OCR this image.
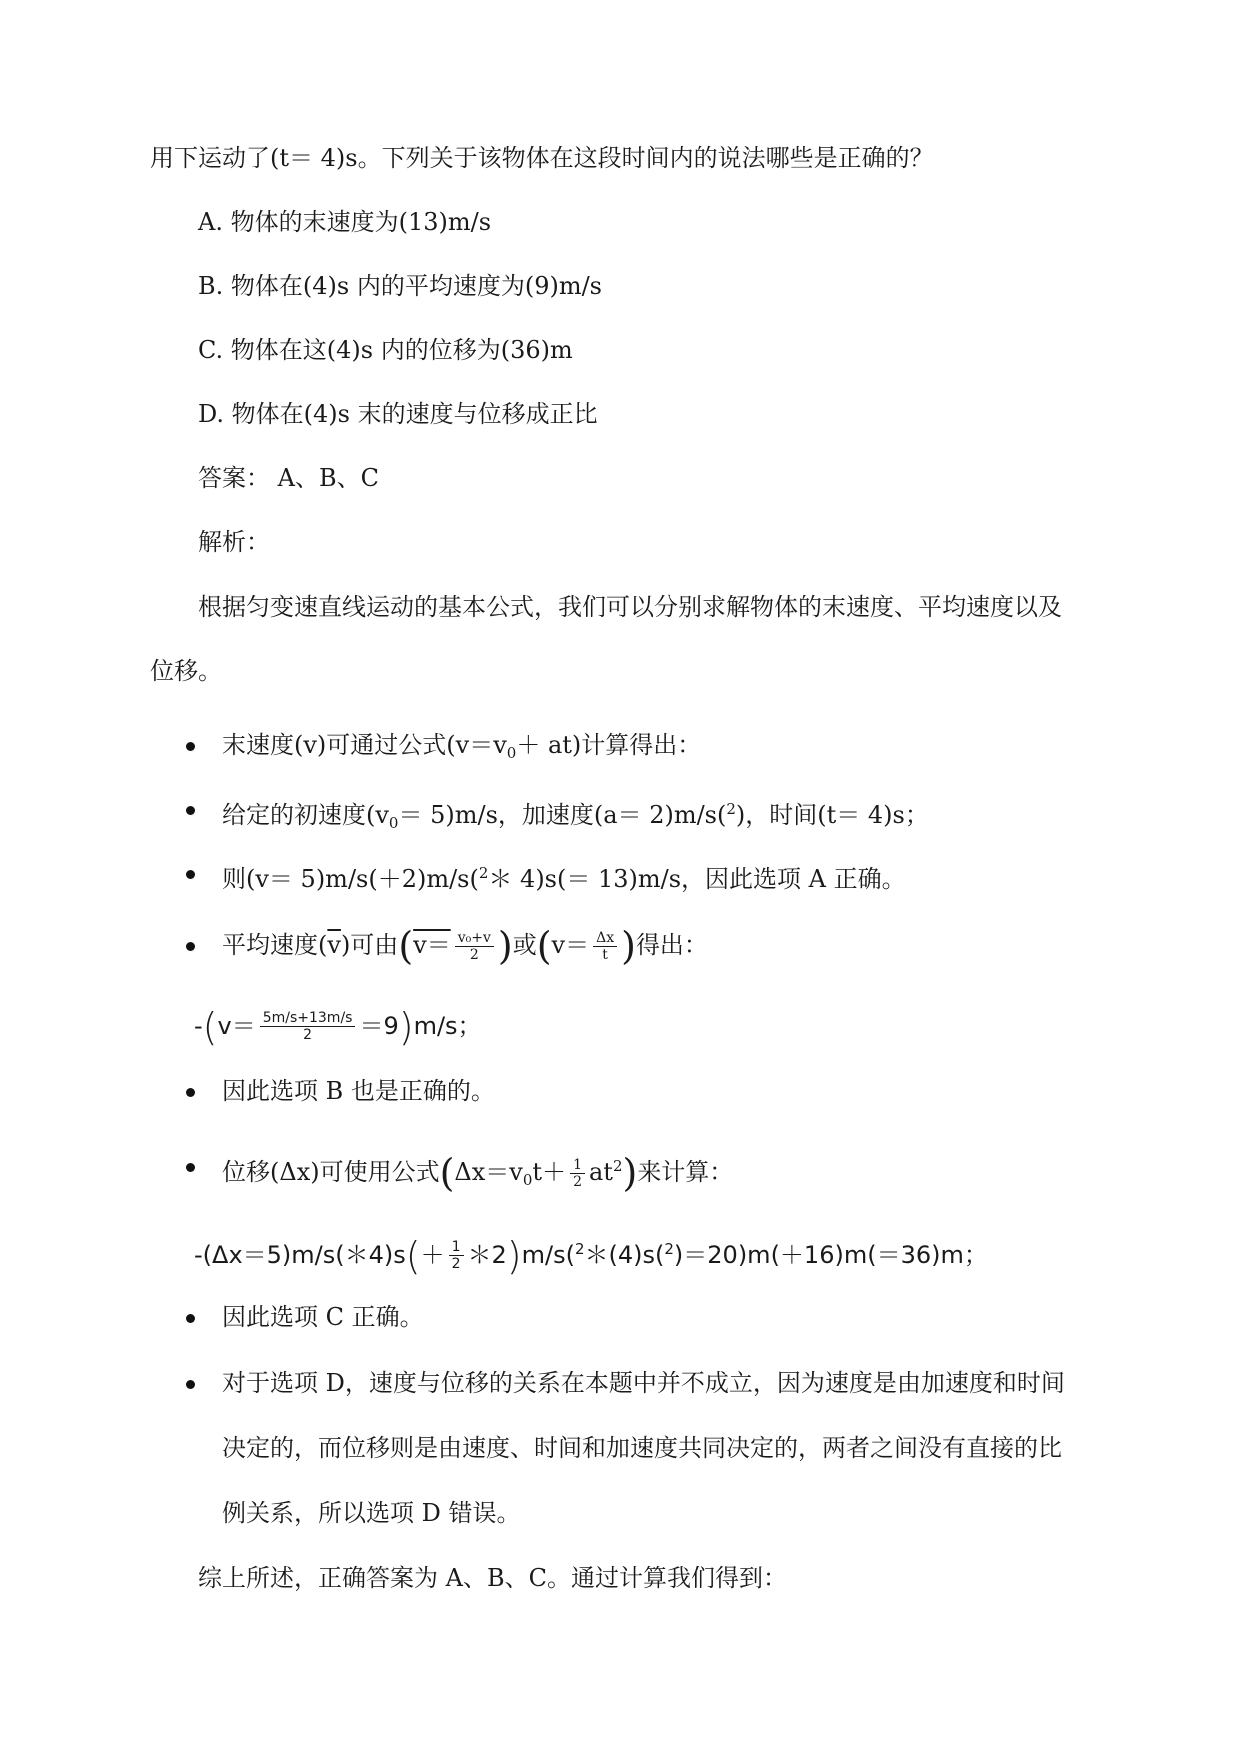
用下运动了(t＝ 4)s。下列关于该物体在这段时间内的说法哪些是正确的？
A. 物体的末速度为(13)m/s
B. 物体在(4)s 内的平均速度为(9)m/s
C. 物体在这(4)s 内的位移为(36)m
D. 物体在(4)s 末的速度与位移成正比
答案： A、B、C
解析：
根据匀变速直线运动的基本公式，我们可以分别求解物体的末速度、平均速度以及
位移。
末速度(v)可通过公式$(v=v_0+ at)$计算得出：
给定的初速度$(v_0= 5)m/s$，加速度(a＝ 2)m/s($^2$)，时间(t＝ 4)s；
则(v＝ 5)m/s(＋2)m/s($^2$＊ 4)s(＝ 13)m/s，因此选项 A 正确。
平均速度$(\overline{v})$可由($v= \frac{\text{v₀+v}}{2}$ )或($v= \frac{\Delta x}{t}$ )得出：
$-(v= \frac{5m/s+13m/s}{2} =9)m/s$；
因此选项 B 也是正确的。
位移(Δx)可使用公式$(\Delta x=v_0t+ \frac{1}{2} at^2)$来计算：
-(Δx＝5)m/s(＊4)s(＋ $\frac{1}{2}$ ＊2)m/s($^2$＊(4)s($^2$)＝20)m(＋16)m(＝36)m；
因此选项 C 正确。
对于选项 D，速度与位移的关系在本题中并不成立，因为速度是由加速度和时间
决定的，而位移则是由速度、时间和加速度共同决定的，两者之间没有直接的比
例关系，所以选项 D 错误。
综上所述，正确答案为 A、B、C。通过计算我们得到：
